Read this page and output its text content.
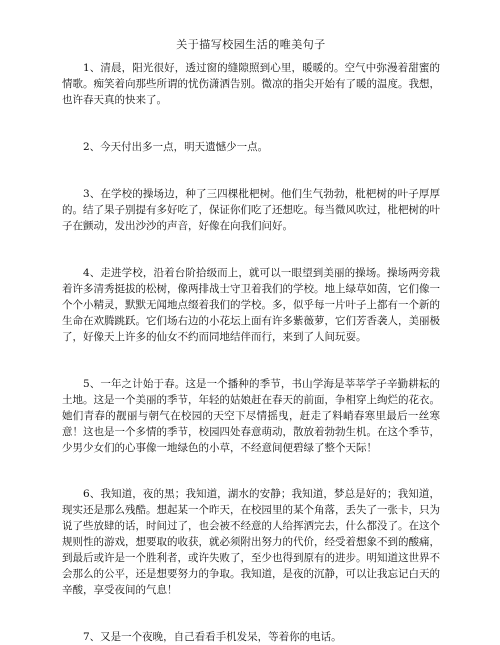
关于描写校园生活的唯美句子

1、清晨，阳光很好，透过窗的缝隙照到心里，暖暖的。空气中弥漫着甜蜜的情歌。痴笑着向那些所谓的忧伤潇洒告别。微凉的指尖开始有了暖的温度。我想，也许春天真的快来了。

2、今天付出多一点，明天遗憾少一点。

3、在学校的操场边，种了三四棵枇杷树。他们生气勃勃，枇杷树的叶子厚厚的。结了果子别提有多好吃了，保证你们吃了还想吃。每当微风吹过，枇杷树的叶子在颤动，发出沙沙的声音，好像在向我们问好。

4、走进学校，沿着台阶拾级而上，就可以一眼望到美丽的操场。操场两旁栽着许多清秀挺拔的松树，像两排战士守卫着我们的学校。地上绿草如茵，它们像一个个小精灵，默默无闻地点缀着我们的学校。多，似乎每一片叶子上都有一个新的生命在欢腾跳跃。它们场右边的小花坛上面有许多紫薇萝，它们芳香袭人，美丽极了，好像天上许多的仙女不约而同地结伴而行，来到了人间玩耍。

5、一年之计始于春。这是一个播种的季节，书山学海是莘莘学子辛勤耕耘的土地。这是一个美丽的季节，年轻的姑娘赶在春天的前面，争相穿上绚烂的花衣。她们青春的靓丽与朝气在校园的天空下尽情摇曳，赶走了料峭春寒里最后一丝寒意！这也是一个多情的季节，校园四处春意萌动，散放着勃勃生机。在这个季节，少男少女们的心事像一地绿色的小草，不经意间便碧绿了整个天际！

6、我知道，夜的黑；我知道，湖水的安静；我知道，梦总是好的；我知道，现实还是那么残酷。想起某一个昨天，在校园里的某个角落，丢失了一张卡，只为说了些放肆的话，时间过了，也会被不经意的人给挥洒完去，什么都没了。在这个规则性的游戏，想要取的收获，就必须附出努力的代价，经受着想象不到的酸痛，到最后或许是一个胜利者，或许失败了，至少也得到原有的进步。明知道这世界不会那么的公平，还是想要努力的争取。我知道，是夜的沉静，可以让我忘记白天的辛酸，享受夜间的气息！

7、又是一个夜晚，自己看看手机发呆，等着你的电话。
